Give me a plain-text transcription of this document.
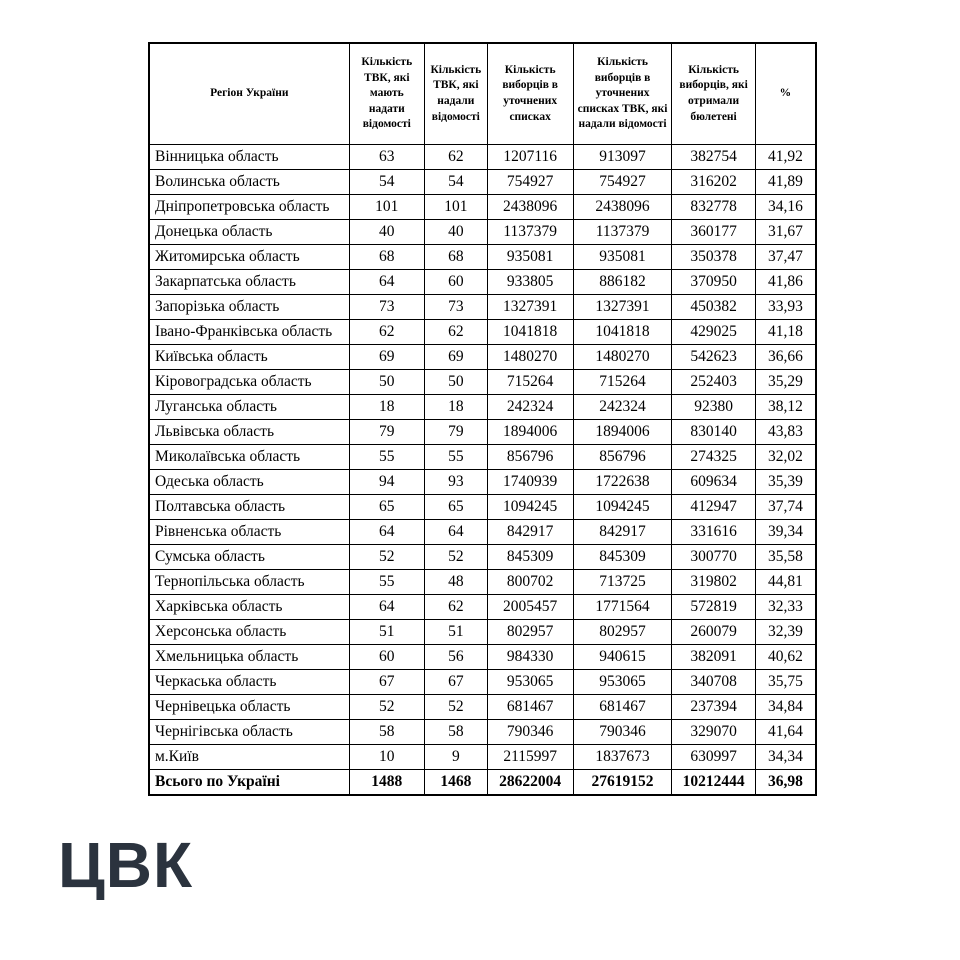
Регіон України	Кількість ТВК, які мають надати відомості	Кількість ТВК, які надали відомості	Кількість виборців в уточнених списках	Кількість виборців в уточнених списках ТВК, які надали відомості	Кількість виборців, які отримали бюлетені	%
Вінницька область	63	62	1207116	913097	382754	41,92
Волинська область	54	54	754927	754927	316202	41,89
Дніпропетровська область	101	101	2438096	2438096	832778	34,16
Донецька область	40	40	1137379	1137379	360177	31,67
Житомирська область	68	68	935081	935081	350378	37,47
Закарпатська область	64	60	933805	886182	370950	41,86
Запорізька область	73	73	1327391	1327391	450382	33,93
Івано-Франківська область	62	62	1041818	1041818	429025	41,18
Київська область	69	69	1480270	1480270	542623	36,66
Кіровоградська область	50	50	715264	715264	252403	35,29
Луганська область	18	18	242324	242324	92380	38,12
Львівська область	79	79	1894006	1894006	830140	43,83
Миколаївська область	55	55	856796	856796	274325	32,02
Одеська область	94	93	1740939	1722638	609634	35,39
Полтавська область	65	65	1094245	1094245	412947	37,74
Рівненська область	64	64	842917	842917	331616	39,34
Сумська область	52	52	845309	845309	300770	35,58
Тернопільська область	55	48	800702	713725	319802	44,81
Харківська область	64	62	2005457	1771564	572819	32,33
Херсонська область	51	51	802957	802957	260079	32,39
Хмельницька область	60	56	984330	940615	382091	40,62
Черкаська область	67	67	953065	953065	340708	35,75
Чернівецька область	52	52	681467	681467	237394	34,84
Чернігівська область	58	58	790346	790346	329070	41,64
м.Київ	10	9	2115997	1837673	630997	34,34
Всього по Україні	1488	1468	28622004	27619152	10212444	36,98
ЦВК
